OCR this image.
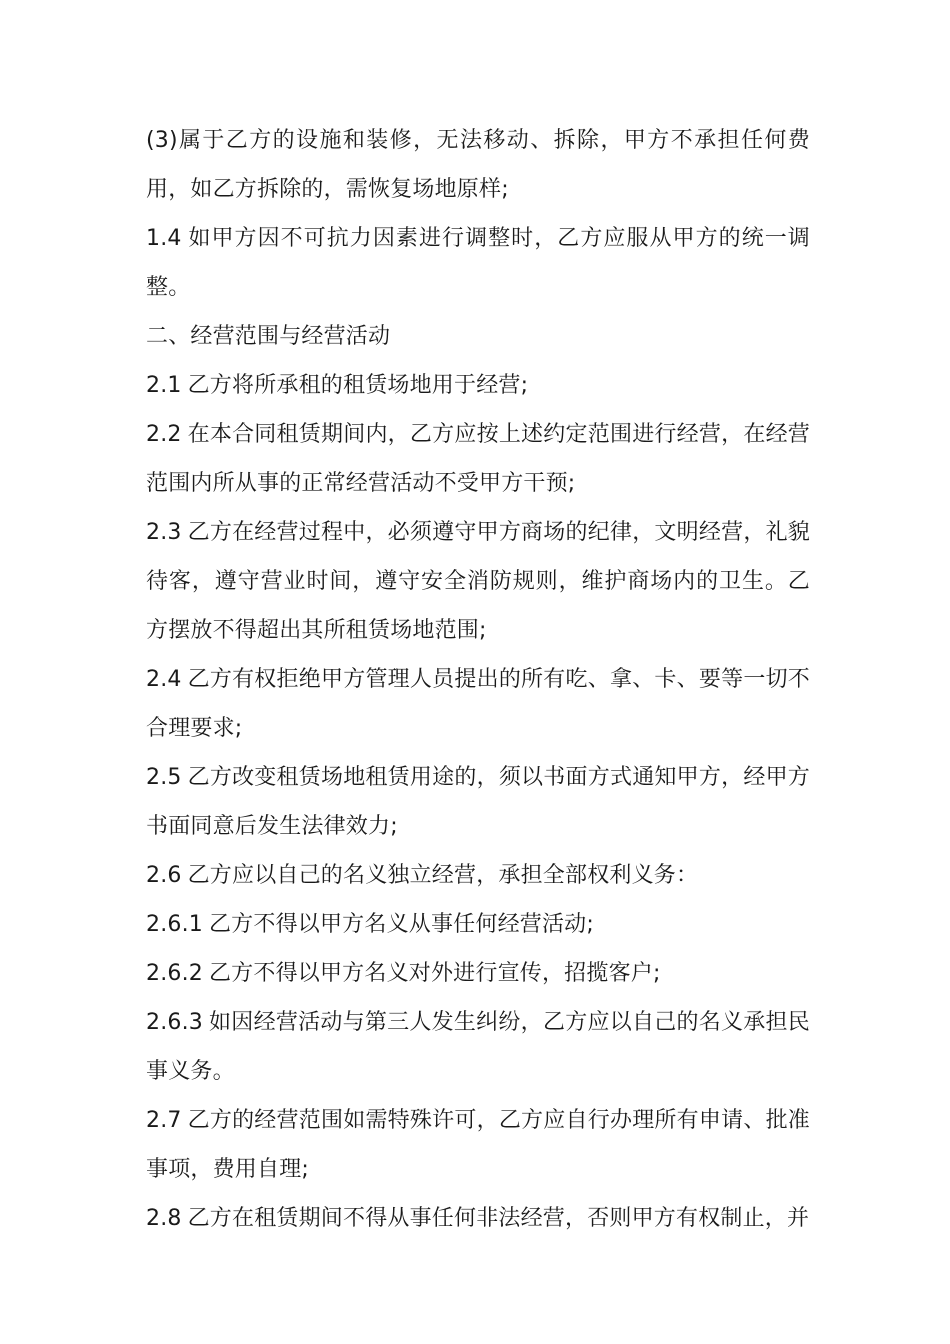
(3)属于乙方的设施和装修，无法移动、拆除，甲方不承担任何费用，如乙方拆除的，需恢复场地原样;

1.4 如甲方因不可抗力因素进行调整时，乙方应服从甲方的统一调整。

二、经营范围与经营活动

2.1 乙方将所承租的租赁场地用于经营;

2.2 在本合同租赁期间内，乙方应按上述约定范围进行经营，在经营范围内所从事的正常经营活动不受甲方干预;

2.3 乙方在经营过程中，必须遵守甲方商场的纪律，文明经营，礼貌待客，遵守营业时间，遵守安全消防规则，维护商场内的卫生。乙方摆放不得超出其所租赁场地范围;

2.4 乙方有权拒绝甲方管理人员提出的所有吃、拿、卡、要等一切不合理要求;

2.5 乙方改变租赁场地租赁用途的，须以书面方式通知甲方，经甲方书面同意后发生法律效力;

2.6 乙方应以自己的名义独立经营，承担全部权利义务：

2.6.1 乙方不得以甲方名义从事任何经营活动;

2.6.2 乙方不得以甲方名义对外进行宣传，招揽客户;

2.6.3 如因经营活动与第三人发生纠纷，乙方应以自己的名义承担民事义务。

2.7 乙方的经营范围如需特殊许可，乙方应自行办理所有申请、批准事项，费用自理;

2.8 乙方在租赁期间不得从事任何非法经营，否则甲方有权制止，并
